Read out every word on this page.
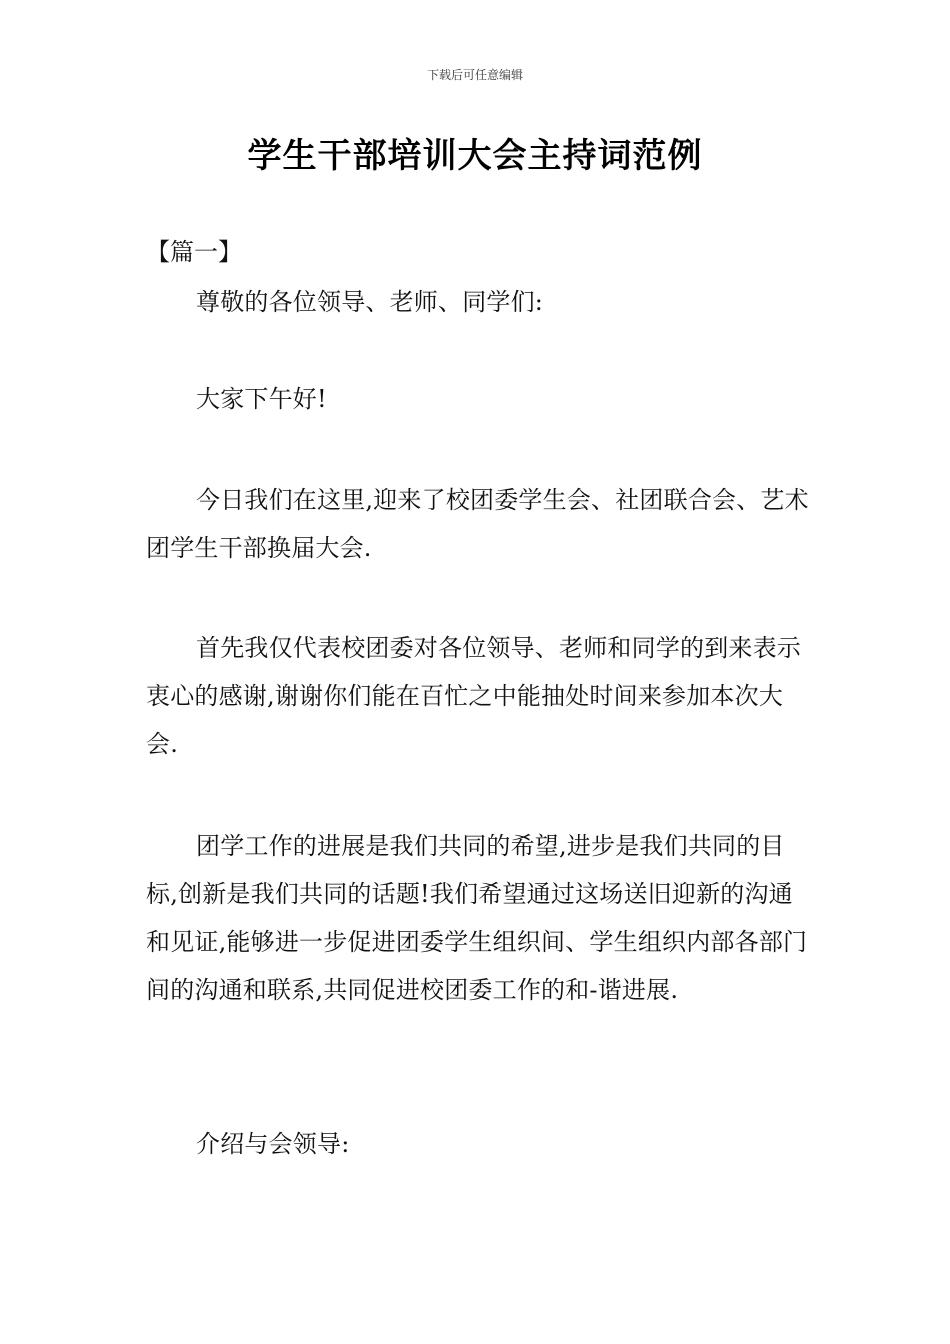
下载后可任意编辑
学生干部培训大会主持词范例
【篇一】

尊敬的各位领导、老师、同学们:

大家下午好!

今日我们在这里,迎来了校团委学生会、社团联合会、艺术团学生干部换届大会.

首先我仅代表校团委对各位领导、老师和同学的到来表示衷心的感谢,谢谢你们能在百忙之中能抽处时间来参加本次大会.

团学工作的进展是我们共同的希望,进步是我们共同的目标,创新是我们共同的话题!我们希望通过这场送旧迎新的沟通和见证,能够进一步促进团委学生组织间、学生组织内部各部门间的沟通和联系,共同促进校团委工作的和-谐进展.

介绍与会领导:
